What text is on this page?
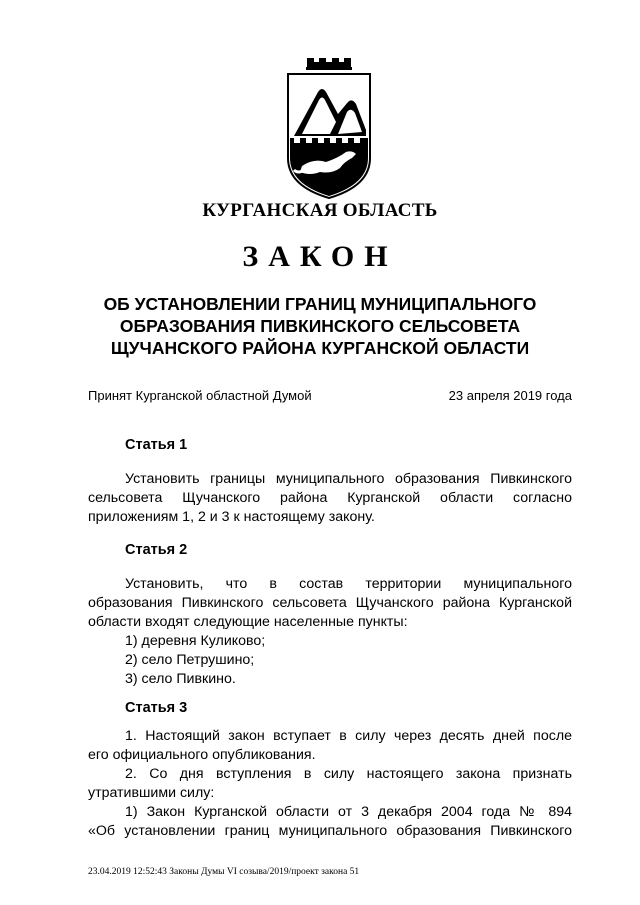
КУРГАНСКАЯ ОБЛАСТЬ
ЗАКОН
ОБ УСТАНОВЛЕНИИ ГРАНИЦ МУНИЦИПАЛЬНОГО
ОБРАЗОВАНИЯ ПИВКИНСКОГО СЕЛЬСОВЕТА
ЩУЧАНСКОГО РАЙОНА КУРГАНСКОЙ ОБЛАСТИ
Принят Курганской областной Думой	23 апреля 2019 года
Статья 1
Установить границы муниципального образования Пивкинского
сельсовета Щучанского района Курганской области согласно
приложениям 1, 2 и 3 к настоящему закону.
Статья 2
Установить, что в состав территории муниципального
образования Пивкинского сельсовета Щучанского района Курганской
области входят следующие населенные пункты:
1) деревня Куликово;
2) село Петрушино;
3) село Пивкино.
Статья 3
1. Настоящий закон вступает в силу через десять дней после
его официального опубликования.
2. Со дня вступления в силу настоящего закона признать
утратившими силу:
1) Закон Курганской области от 3 декабря 2004 года № 894
«Об установлении границ муниципального образования Пивкинского
23.04.2019 12:52:43 Законы Думы VI созыва/2019/проект закона 51
